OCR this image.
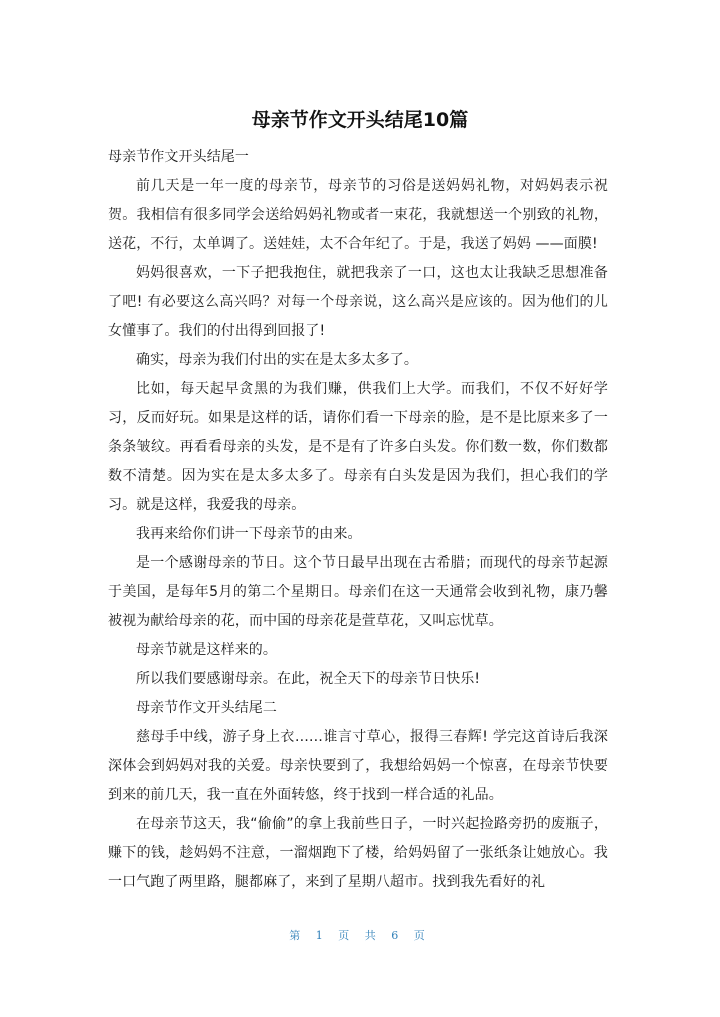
母亲节作文开头结尾10篇

母亲节作文开头结尾一

前几天是一年一度的母亲节，母亲节的习俗是送妈妈礼物，对妈妈表示祝贺。我相信有很多同学会送给妈妈礼物或者一束花，我就想送一个别致的礼物，送花，不行，太单调了。送娃娃，太不合年纪了。于是，我送了妈妈 ——面膜!

妈妈很喜欢，一下子把我抱住，就把我亲了一口，这也太让我缺乏思想准备了吧! 有必要这么高兴吗？对每一个母亲说，这么高兴是应该的。因为他们的儿女懂事了。我们的付出得到回报了!

确实，母亲为我们付出的实在是太多太多了。

比如，每天起早贪黑的为我们赚，供我们上大学。而我们，不仅不好好学习，反而好玩。如果是这样的话，请你们看一下母亲的脸，是不是比原来多了一条条皱纹。再看看母亲的头发，是不是有了许多白头发。你们数一数，你们数都数不清楚。因为实在是太多太多了。母亲有白头发是因为我们，担心我们的学习。就是这样，我爱我的母亲。

我再来给你们讲一下母亲节的由来。

是一个感谢母亲的节日。这个节日最早出现在古希腊；而现代的母亲节起源于美国，是每年5月的第二个星期日。母亲们在这一天通常会收到礼物，康乃馨被视为献给母亲的花，而中国的母亲花是萱草花，又叫忘忧草。

母亲节就是这样来的。

所以我们要感谢母亲。在此，祝全天下的母亲节日快乐!

母亲节作文开头结尾二

慈母手中线，游子身上衣……谁言寸草心，报得三春辉! 学完这首诗后我深深体会到妈妈对我的关爱。母亲快要到了，我想给妈妈一个惊喜，在母亲节快要到来的前几天，我一直在外面转悠，终于找到一样合适的礼品。

在母亲节这天，我“偷偷”的拿上我前些日子，一时兴起捡路旁扔的废瓶子，赚下的钱，趁妈妈不注意，一溜烟跑下了楼，给妈妈留了一张纸条让她放心。我一口气跑了两里路，腿都麻了，来到了星期八超市。找到我先看好的礼

第 1 页 共 6 页
